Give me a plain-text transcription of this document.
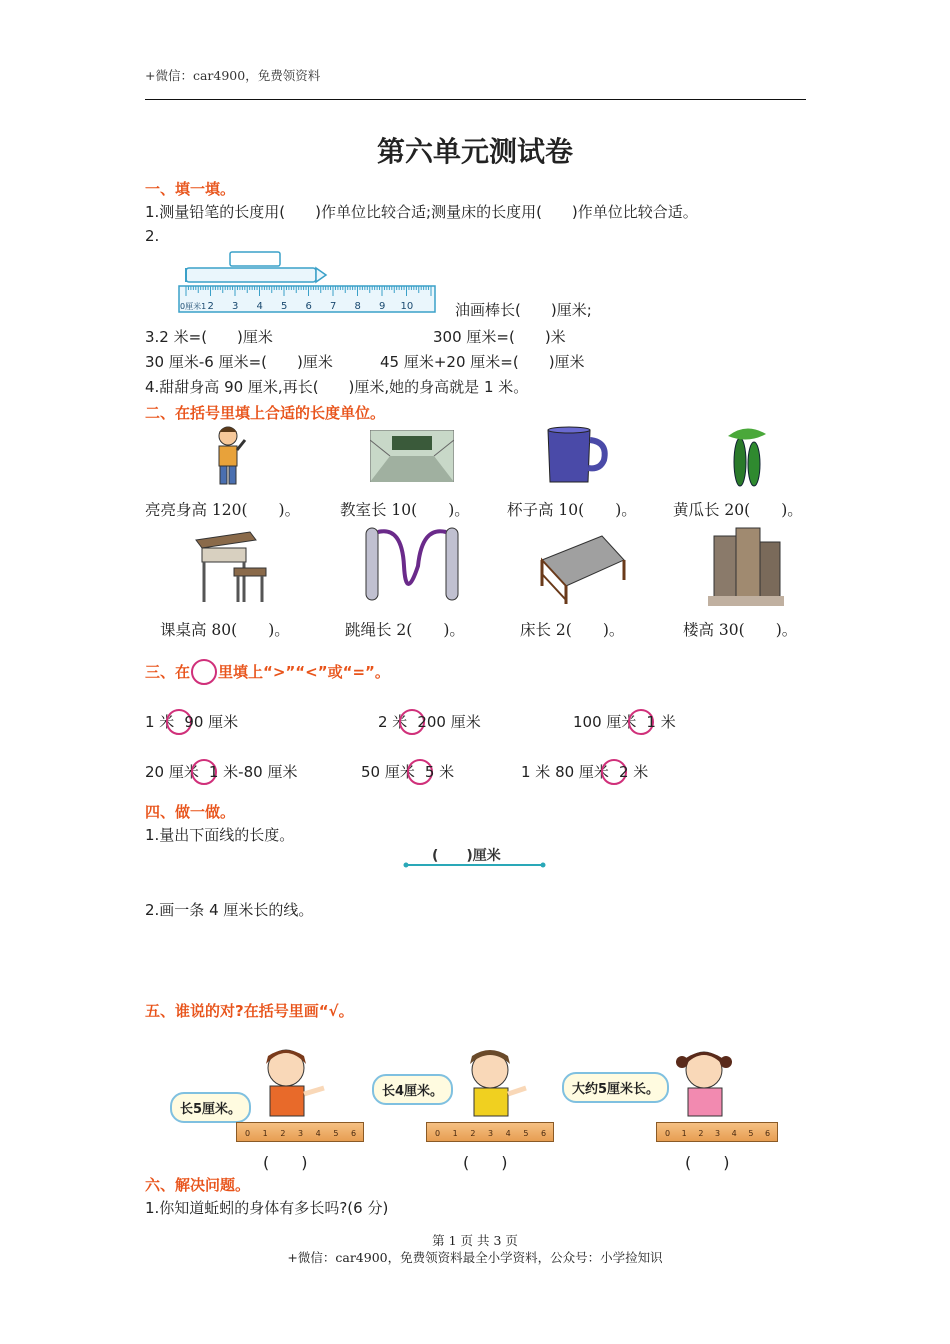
+微信：car4900，免费领资料
第六单元测试卷
一、填一填。
1.测量铅笔的长度用(　　)作单位比较合适;测量床的长度用(　　)作单位比较合适。
2.
0厘米1 2 3 4 5 6 7 8 9 10	油画棒长(　　)厘米;
3.2 米=(　　)厘米	300 厘米=(　　)米
30 厘米-6 厘米=(　　)厘米	45 厘米+20 厘米=(　　)厘米
4.甜甜身高 90 厘米,再长(　　)厘米,她的身高就是 1 米。
二、在括号里填上合适的长度单位。
亮亮身高 120(　　)。	教室长 10(　　)。 杯子高 10(　　)。 黄瓜长 20(　　)。
课桌高 80(　　)。	跳绳长 2(　　)。	床长 2(　　)。	楼高 30(　　)。
三、在 里填上“>”“<”或“=”。
1 米 90 厘米	2 米 200 厘米	100 厘米 1 米
20 厘米 1 米-80 厘米	50 厘米 5 米	1 米 80 厘米 2 米
四、做一做。
1.量出下面线的长度。
(　　)厘米
2.画一条 4 厘米长的线。
五、谁说的对?在括号里画“√。
长5厘米。
0 1 2 3 4 5 6
(　　)
长4厘米。
0 1 2 3 4 5 6
(　　)
大约5厘米长。
0 1 2 3 4 5 6
(　　)
六、解决问题。
1.你知道蚯蚓的身体有多长吗?(6 分)
第 1 页 共 3 页
+微信：car4900，免费领资料最全小学资料，公众号：小学捡知识
